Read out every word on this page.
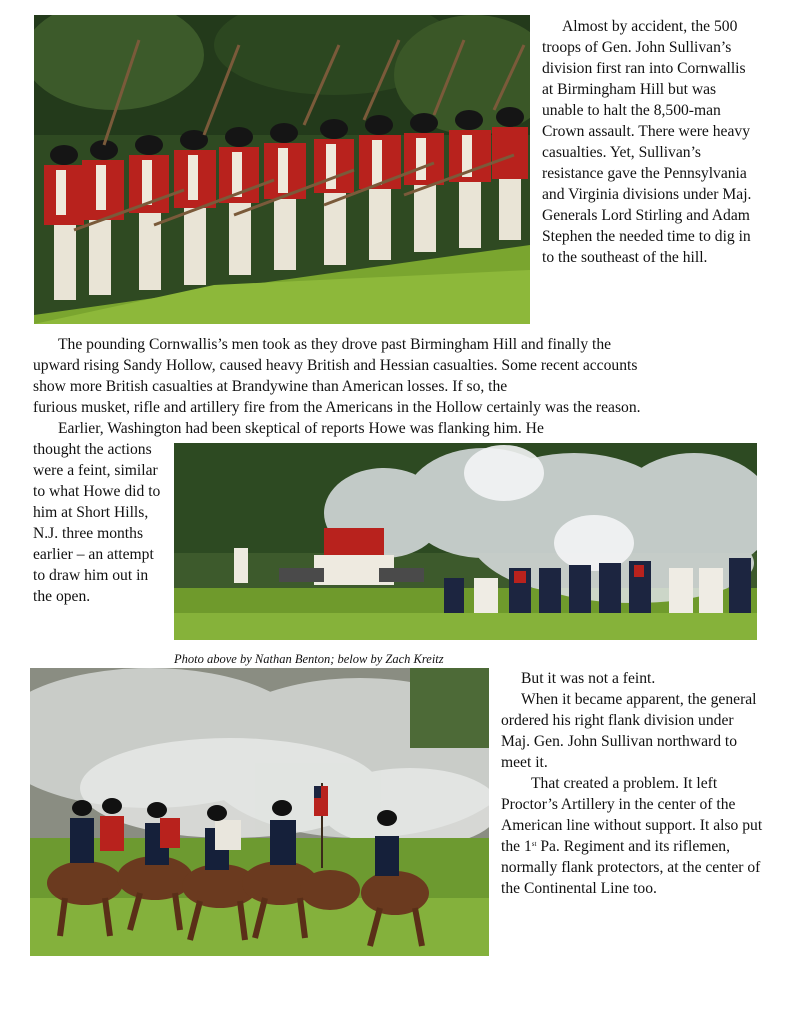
Almost by accident, the 500 troops of Gen. John Sullivan’s division first ran into Cornwallis at Birmingham Hill but was unable to halt the 8,500-man Crown assault. There were heavy casualties. Yet, Sullivan’s resistance gave the Pennsylvania and Virginia divisions under Maj. Generals Lord Stirling and Adam Stephen the needed time to dig in to the southeast of the hill.

The pounding Cornwallis’s men took as they drove past Birmingham Hill and finally the
upward rising Sandy Hollow, caused heavy British and Hessian casualties. Some recent accounts
show more British casualties at Brandywine than American losses. If so, the
furious musket, rifle and artillery fire from the Americans in the Hollow certainly was the reason.
Earlier, Washington had been skeptical of reports Howe was flanking him. He

thought the actions were a feint, similar to what Howe did to him at Short Hills, N.J. three months earlier – an attempt to draw him out in the open.

Photo above by Nathan Benton; below by Zach Kreitz

But it was not a feint.

When it became apparent, the general ordered his right flank division under Maj. Gen. John Sullivan northward to meet it.

That created a problem. It left Proctor’s Artillery in the center of the American line without support. It also put the 1st Pa. Regiment and its riflemen, normally flank protectors, at the center of the Continental Line too.
